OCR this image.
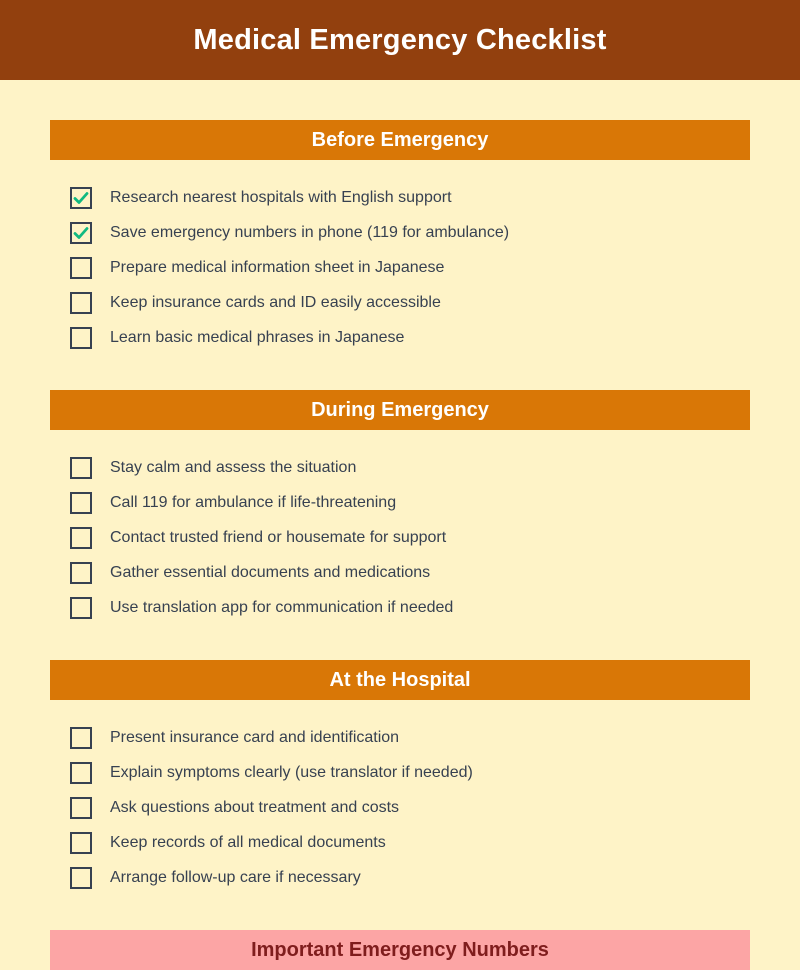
Medical Emergency Checklist
Before Emergency
Research nearest hospitals with English support
Save emergency numbers in phone (119 for ambulance)
Prepare medical information sheet in Japanese
Keep insurance cards and ID easily accessible
Learn basic medical phrases in Japanese
During Emergency
Stay calm and assess the situation
Call 119 for ambulance if life-threatening
Contact trusted friend or housemate for support
Gather essential documents and medications
Use translation app for communication if needed
At the Hospital
Present insurance card and identification
Explain symptoms clearly (use translator if needed)
Ask questions about treatment and costs
Keep records of all medical documents
Arrange follow-up care if necessary
Important Emergency Numbers
